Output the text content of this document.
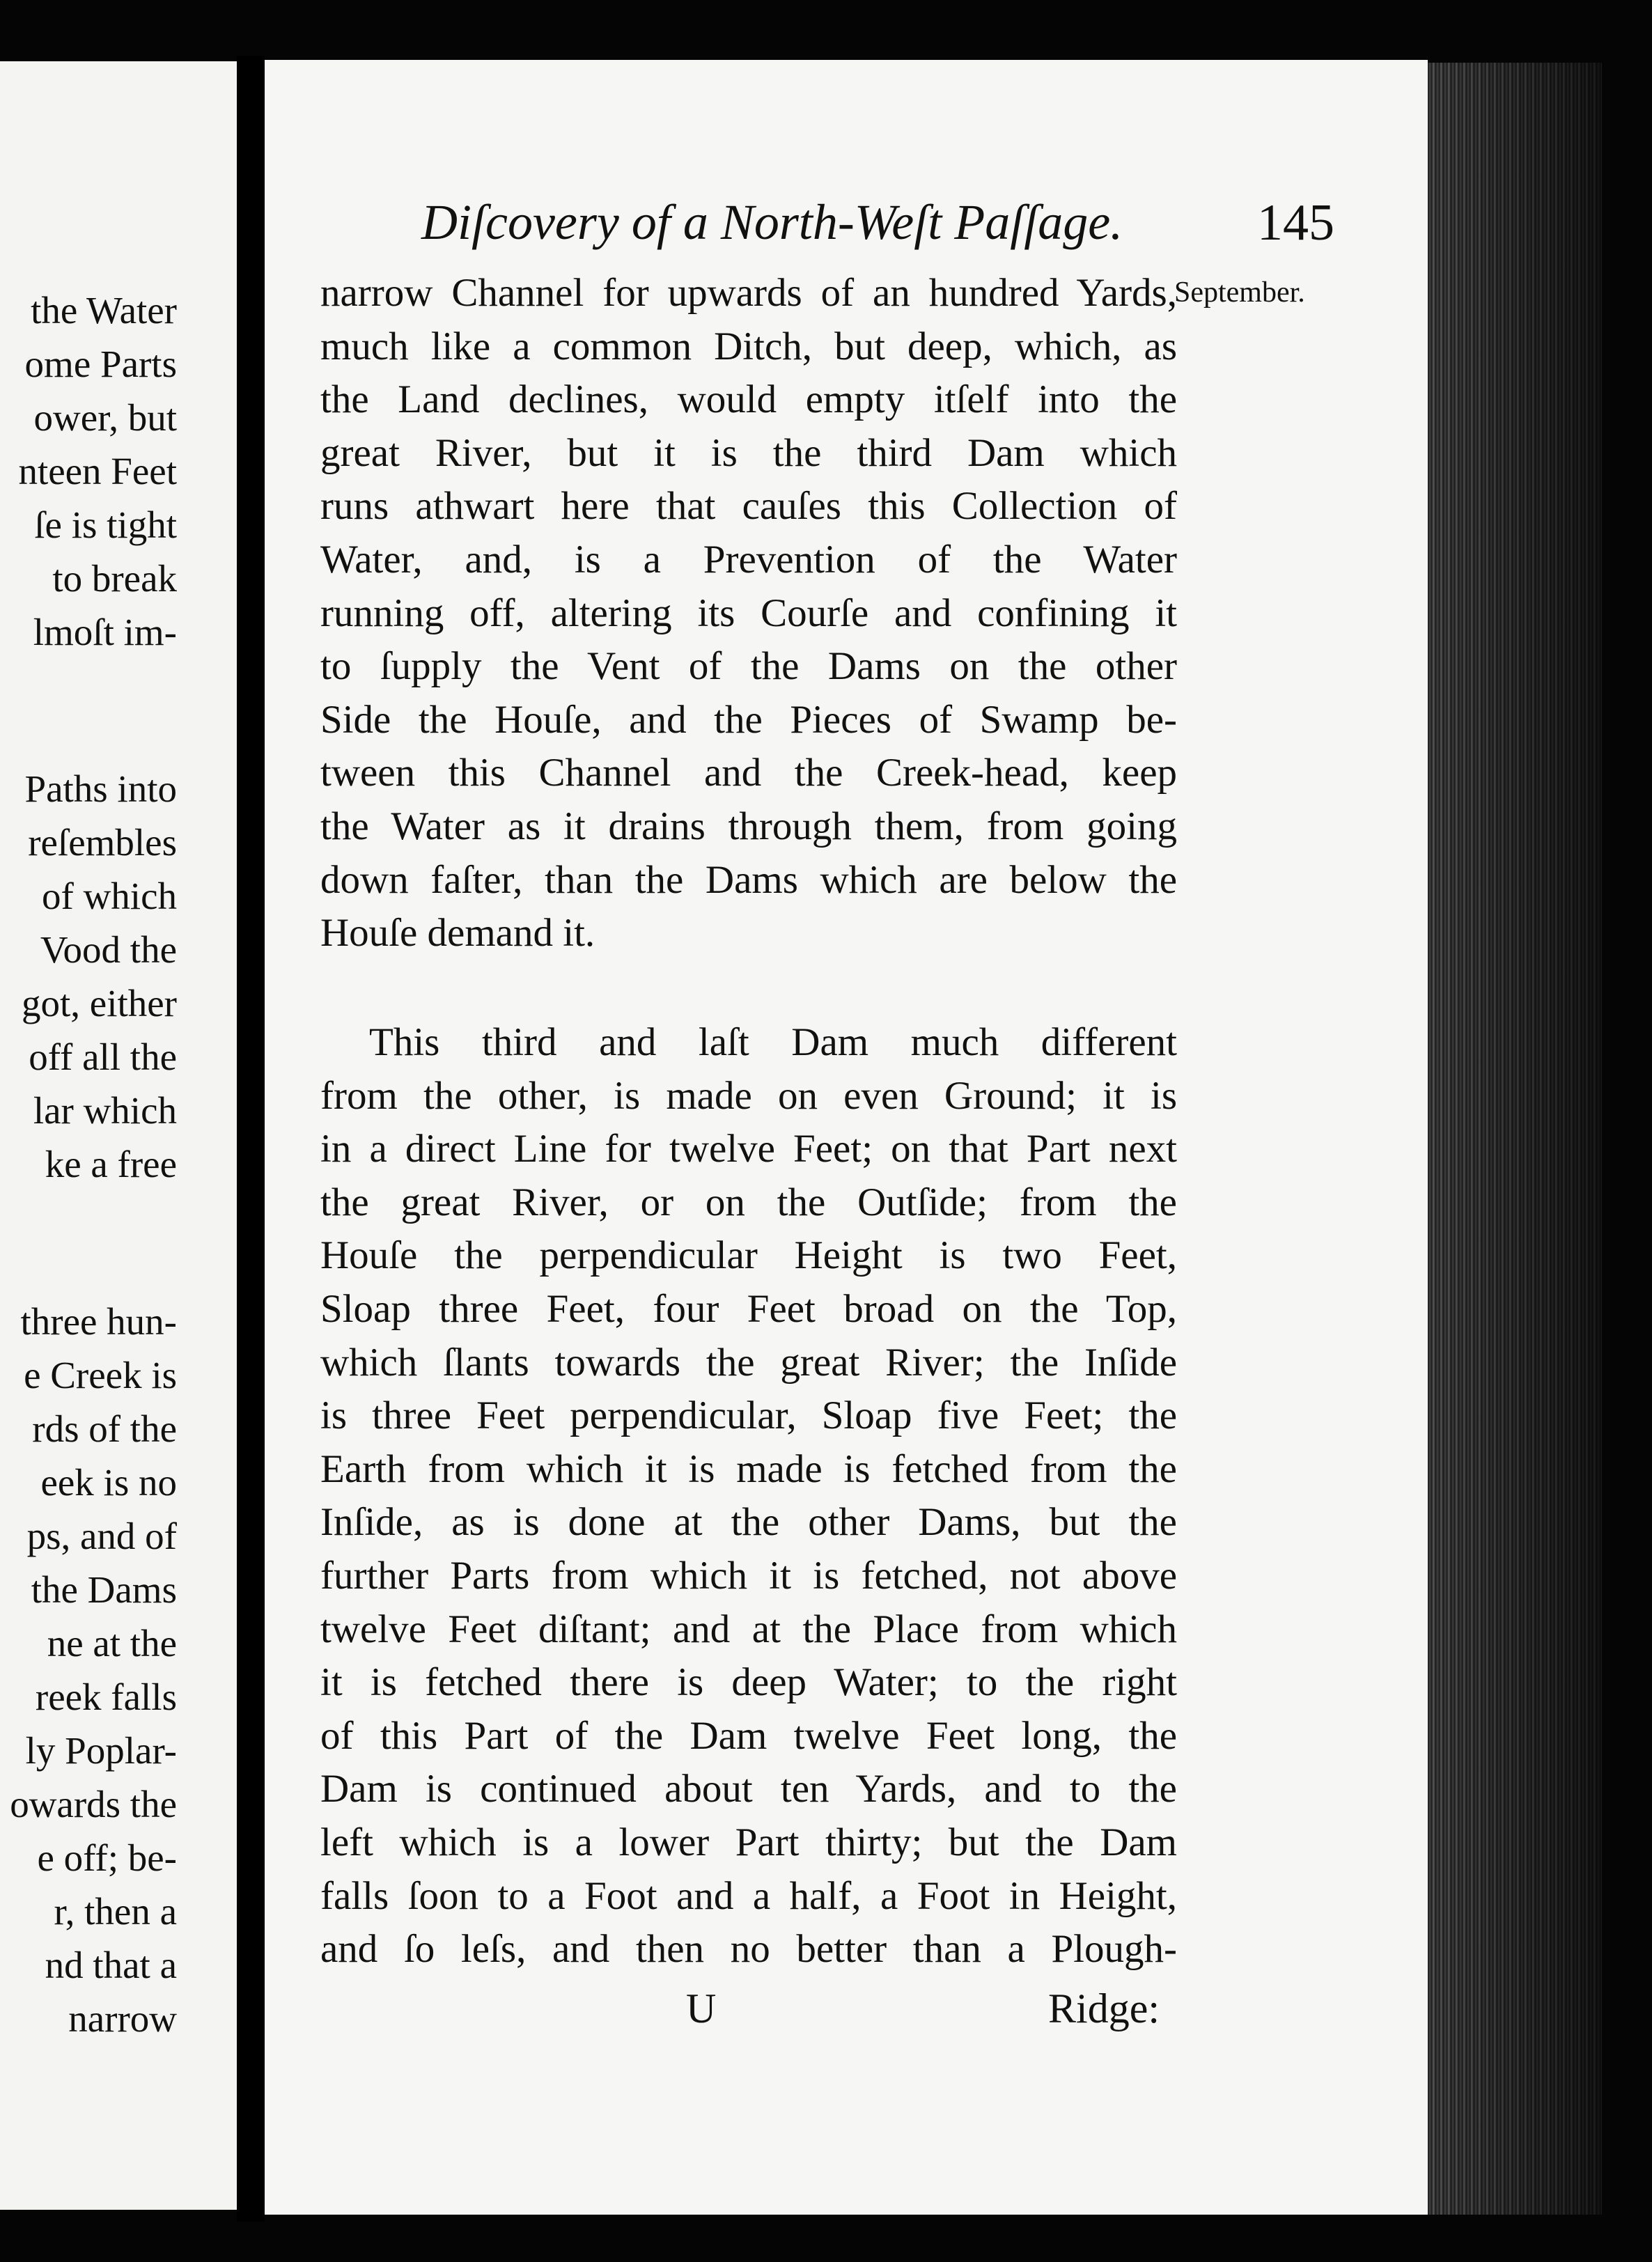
the Water
ome Parts
ower, but
nteen Feet
ſe is tight
to break
lmoſt im-
Paths into
reſembles
of which
Vood the
got, either
off all the
lar which
ke a free
three hun-
e Creek is
rds of the
eek is no
ps, and of
the Dams
ne at the
reek falls
ly Poplar-
owards the
e off; be-
r, then a
nd that a
narrow
Diſcovery of a North-Weſt Paſſage.	145
September.
narrow Channel for upwards of an hundred Yards,
much like a common Ditch, but deep, which, as
the Land declines, would empty itſelf into the
great River, but it is the third Dam which
runs athwart here that cauſes this Collection of
Water, and, is a Prevention of the Water
running off, altering its Courſe and confining it
to ſupply the Vent of the Dams on the other
Side the Houſe, and the Pieces of Swamp be-
tween this Channel and the Creek-head, keep
the Water as it drains through them, from going
down faſter, than the Dams which are below the
Houſe demand it.
This third and laſt Dam much different
from the other, is made on even Ground; it is
in a direct Line for twelve Feet; on that Part next
the great River, or on the Outſide; from the
Houſe the perpendicular Height is two Feet,
Sloap three Feet, four Feet broad on the Top,
which ſlants towards the great River; the Inſide
is three Feet perpendicular, Sloap five Feet; the
Earth from which it is made is fetched from the
Inſide, as is done at the other Dams, but the
further Parts from which it is fetched, not above
twelve Feet diſtant; and at the Place from which
it is fetched there is deep Water; to the right
of this Part of the Dam twelve Feet long, the
Dam is continued about ten Yards, and to the
left which is a lower Part thirty; but the Dam
falls ſoon to a Foot and a half, a Foot in Height,
and ſo leſs, and then no better than a Plough-
U	Ridge:
